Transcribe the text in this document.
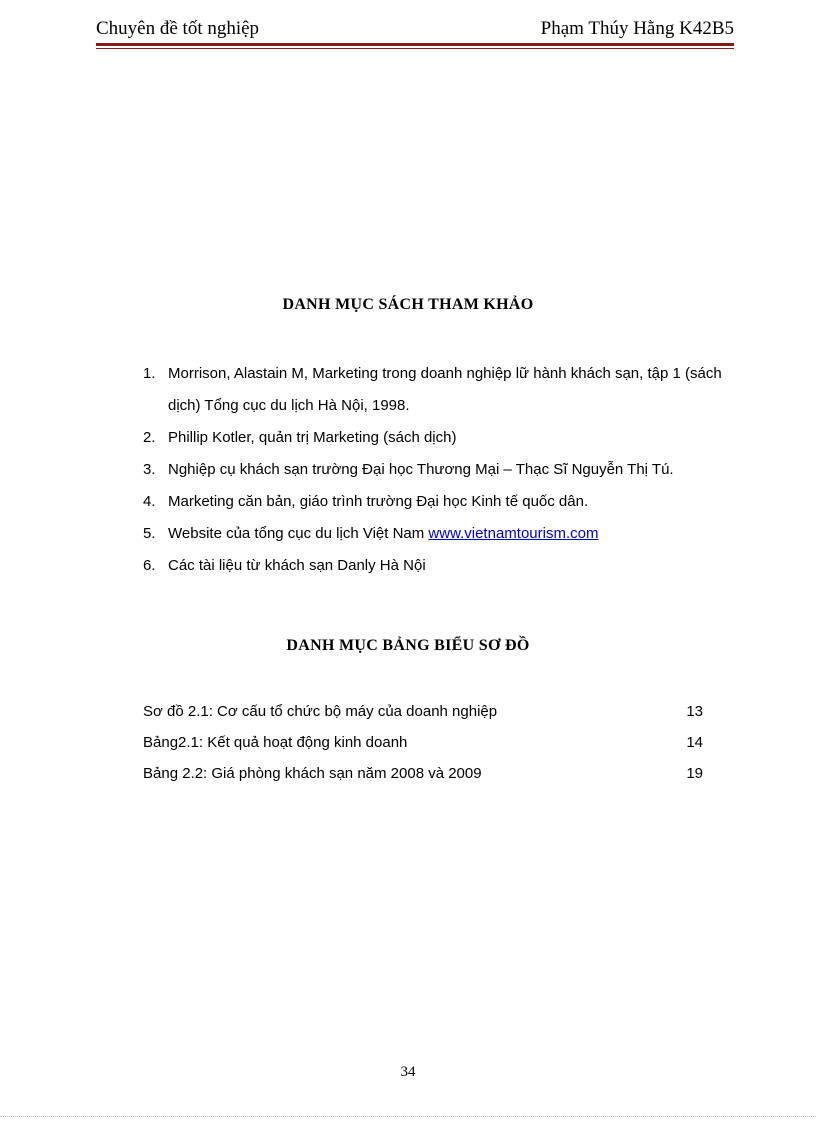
Chuyên đề tốt nghiệp	Phạm Thúy Hằng K42B5
DANH MỤC SÁCH THAM KHẢO
1. Morrison, Alastain M, Marketing trong doanh nghiệp lữ hành khách sạn, tập 1 (sách dịch) Tổng cục du lịch Hà Nội, 1998.
2. Phillip Kotler, quản trị Marketing (sách dịch)
3. Nghiệp cụ khách sạn trường Đại học Thương Mại – Thạc Sĩ Nguyễn Thị Tú.
4. Marketing căn bản, giáo trình trường Đại học Kinh tế quốc dân.
5. Website của tổng cục du lịch Việt Nam www.vietnamtourism.com
6. Các tài liệu từ khách sạn Danly Hà Nội
DANH MỤC BẢNG BIỂU SƠ ĐỒ
Sơ đồ 2.1: Cơ cấu tổ chức bộ máy của doanh nghiệp	13
Bảng2.1: Kết quả hoạt động kinh doanh	14
Bảng 2.2: Giá phòng khách sạn năm 2008 và 2009	19
34
